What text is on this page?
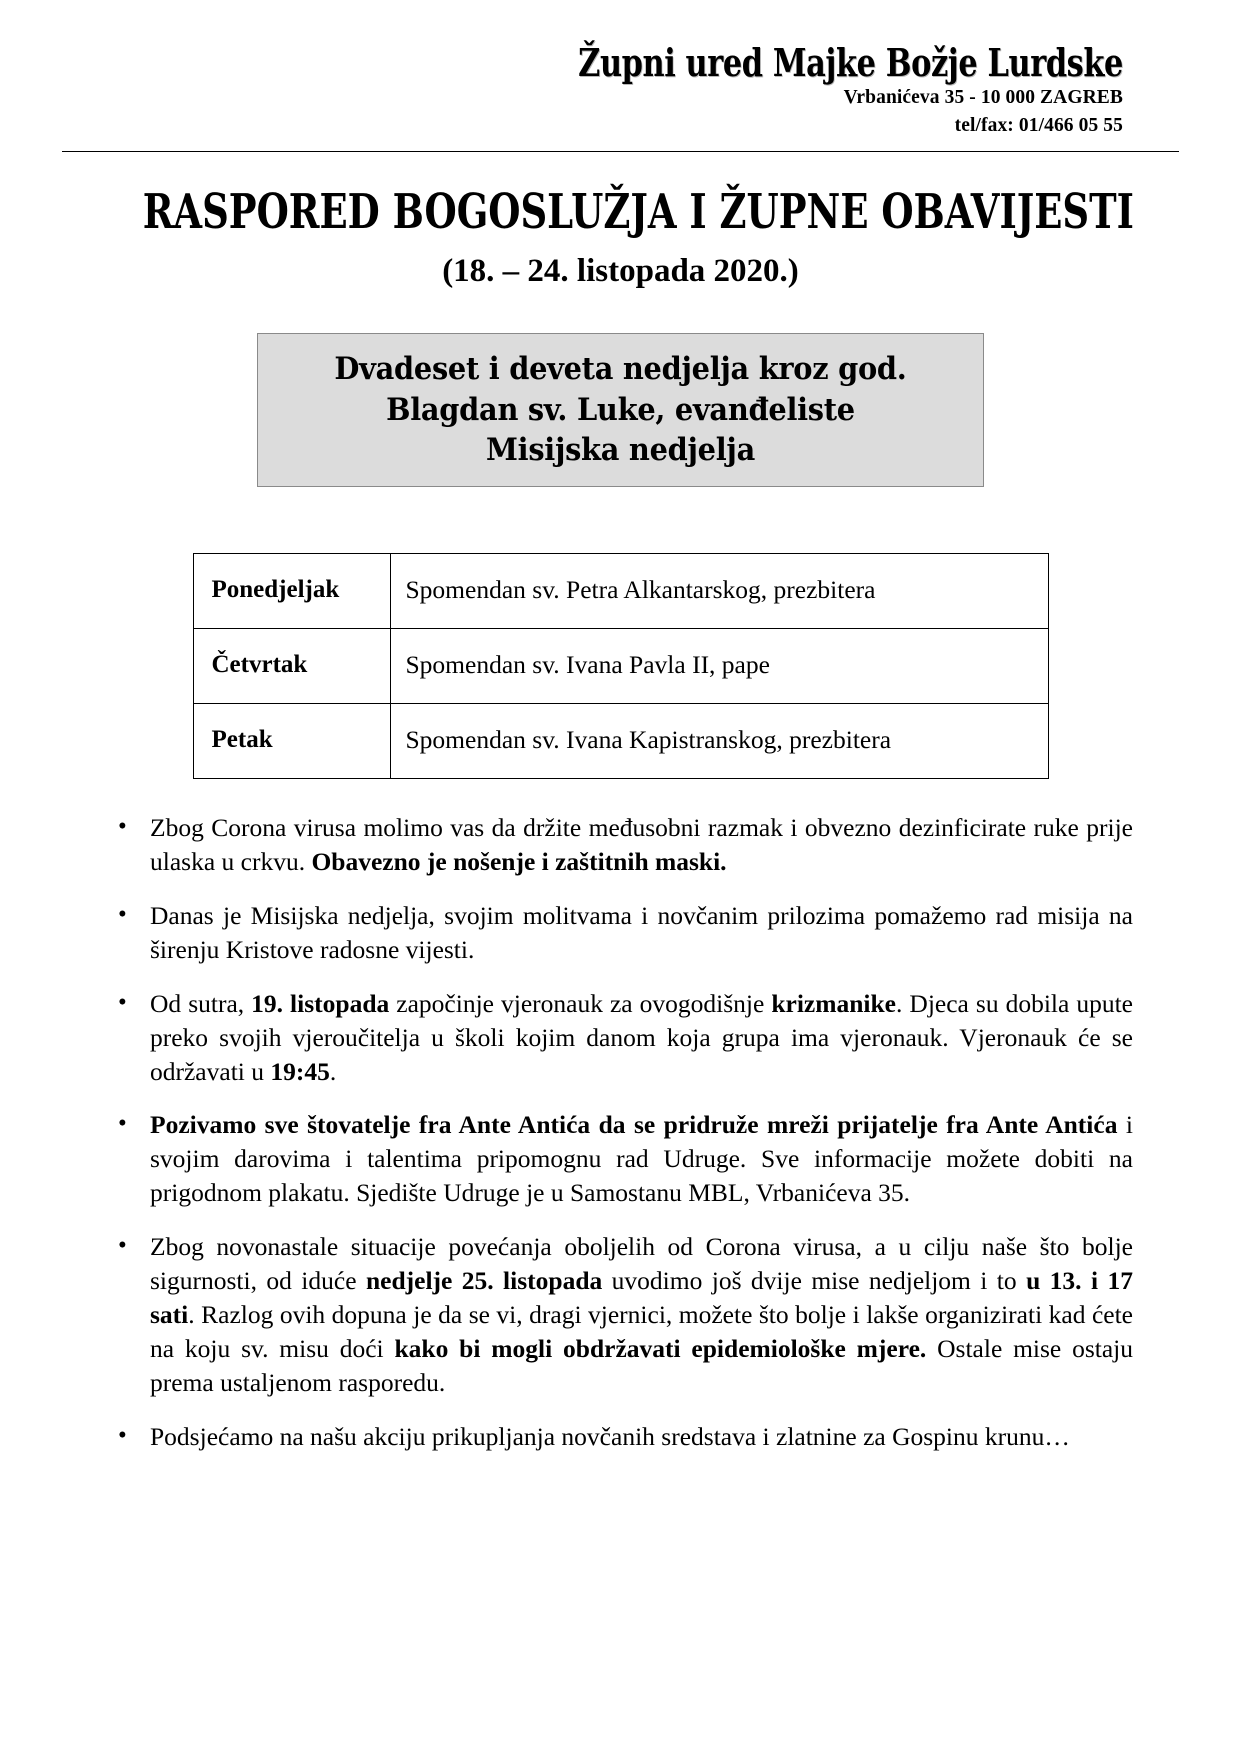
Župni ured Majke Božje Lurdske
Vrbanićeva 35 - 10 000 ZAGREB
tel/fax: 01/466 05 55
RASPORED BOGOSLUŽJA I ŽUPNE OBAVIJESTI
(18. – 24. listopada 2020.)
Dvadeset i deveta nedjelja kroz god.
Blagdan sv. Luke, evanđeliste
Misijska nedjelja
Ponedjeljak	Spomendan sv. Petra Alkantarskog, prezbitera
Četvrtak	Spomendan sv. Ivana Pavla II, pape
Petak	Spomendan sv. Ivana Kapistranskog, prezbitera
• Zbog Corona virusa molimo vas da držite međusobni razmak i obvezno dezinficirate ruke prije ulaska u crkvu. Obavezno je nošenje i zaštitnih maski.
• Danas je Misijska nedjelja, svojim molitvama i novčanim prilozima pomažemo rad misija na širenju Kristove radosne vijesti.
• Od sutra, 19. listopada započinje vjeronauk za ovogodišnje krizmanike. Djeca su dobila upute preko svojih vjeroučitelja u školi kojim danom koja grupa ima vjeronauk. Vjeronauk će se održavati u 19:45.
• Pozivamo sve štovatelje fra Ante Antića da se pridruže mreži prijatelje fra Ante Antića i svojim darovima i talentima pripomognu rad Udruge. Sve informacije možete dobiti na prigodnom plakatu. Sjedište Udruge je u Samostanu MBL, Vrbanićeva 35.
• Zbog novonastale situacije povećanja oboljelih od Corona virusa, a u cilju naše što bolje sigurnosti, od iduće nedjelje 25. listopada uvodimo još dvije mise nedjeljom i to u 13. i 17 sati. Razlog ovih dopuna je da se vi, dragi vjernici, možete što bolje i lakše organizirati kad ćete na koju sv. misu doći kako bi mogli obdržavati epidemiološke mjere. Ostale mise ostaju prema ustaljenom rasporedu.
• Podsjećamo na našu akciju prikupljanja novčanih sredstava i zlatnine za Gospinu krunu…
